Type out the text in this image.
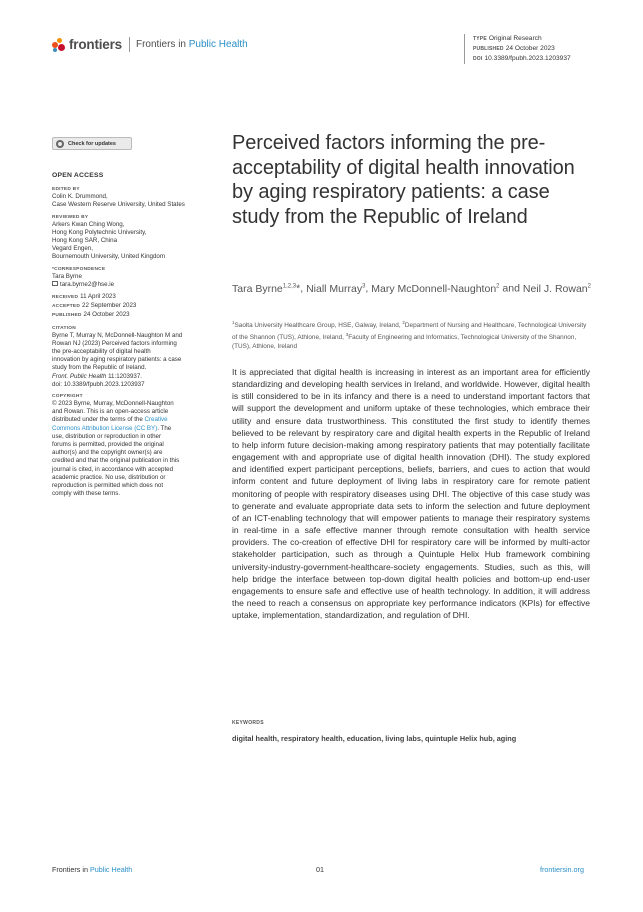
frontiers Frontiers in Public Health	TYPE Original Research
PUBLISHED 24 October 2023
DOI 10.3389/fpubh.2023.1203937
Check for updates
OPEN ACCESS
EDITED BY
Colin K. Drummond,
Case Western Reserve University, United States
REVIEWED BY
Arkers Kwan Ching Wong,
Hong Kong Polytechnic University,
Hong Kong SAR, China
Vegard Engen,
Bournemouth University, United Kingdom
*CORRESPONDENCE
Tara Byrne
tara.byrne2@hse.ie
RECEIVED 11 April 2023
ACCEPTED 22 September 2023
PUBLISHED 24 October 2023
CITATION
Byrne T, Murray N, McDonnell-Naughton M and
Rowan NJ (2023) Perceived factors informing
the pre-acceptability of digital health
innovation by aging respiratory patients: a case
study from the Republic of Ireland.
Front. Public Health 11:1203937.
doi: 10.3389/fpubh.2023.1203937
COPYRIGHT
© 2023 Byrne, Murray, McDonnell-Naughton
and Rowan. This is an open-access article
distributed under the terms of the Creative
Commons Attribution License (CC BY). The
use, distribution or reproduction in other
forums is permitted, provided the original
author(s) and the copyright owner(s) are
credited and that the original publication in this
journal is cited, in accordance with accepted
academic practice. No use, distribution or
reproduction is permitted which does not
comply with these terms.
Perceived factors informing the pre-acceptability of digital health innovation by aging respiratory patients: a case study from the Republic of Ireland
Tara Byrne$^{1,2,3}$*, Niall Murray$^3$, Mary McDonnell-Naughton$^2$ and Neil J. Rowan$^2$
$^1$Saolta University Healthcare Group, HSE, Galway, Ireland, $^2$Department of Nursing and Healthcare, Technological University of the Shannon (TUS), Athlone, Ireland, $^3$Faculty of Engineering and Informatics, Technological University of the Shannon, (TUS), Athlone, Ireland

It is appreciated that digital health is increasing in interest as an important area for efficiently standardizing and developing health services in Ireland, and worldwide. However, digital health is still considered to be in its infancy and there is a need to understand important factors that will support the development and uniform uptake of these technologies, which embrace their utility and ensure data trustworthiness. This constituted the first study to identify themes believed to be relevant by respiratory care and digital health experts in the Republic of Ireland to help inform future decision-making among respiratory patients that may potentially facilitate engagement with and appropriate use of digital health innovation (DHI). The study explored and identified expert participant perceptions, beliefs, barriers, and cues to action that would inform content and future deployment of living labs in respiratory care for remote patient monitoring of people with respiratory diseases using DHI. The objective of this case study was to generate and evaluate appropriate data sets to inform the selection and future deployment of an ICT-enabling technology that will empower patients to manage their respiratory systems in real-time in a safe effective manner through remote consultation with health service providers. The co-creation of effective DHI for respiratory care will be informed by multi-actor stakeholder participation, such as through a Quintuple Helix Hub framework combining university-industry-government-healthcare-society engagements. Studies, such as this, will help bridge the interface between top-down digital health policies and bottom-up end-user engagements to ensure safe and effective use of health technology. In addition, it will address the need to reach a consensus on appropriate key performance indicators (KPIs) for effective uptake, implementation, standardization, and regulation of DHI.

KEYWORDS
digital health, respiratory health, education, living labs, quintuple Helix hub, aging
Frontiers in Public Health	01	frontiersin.org
